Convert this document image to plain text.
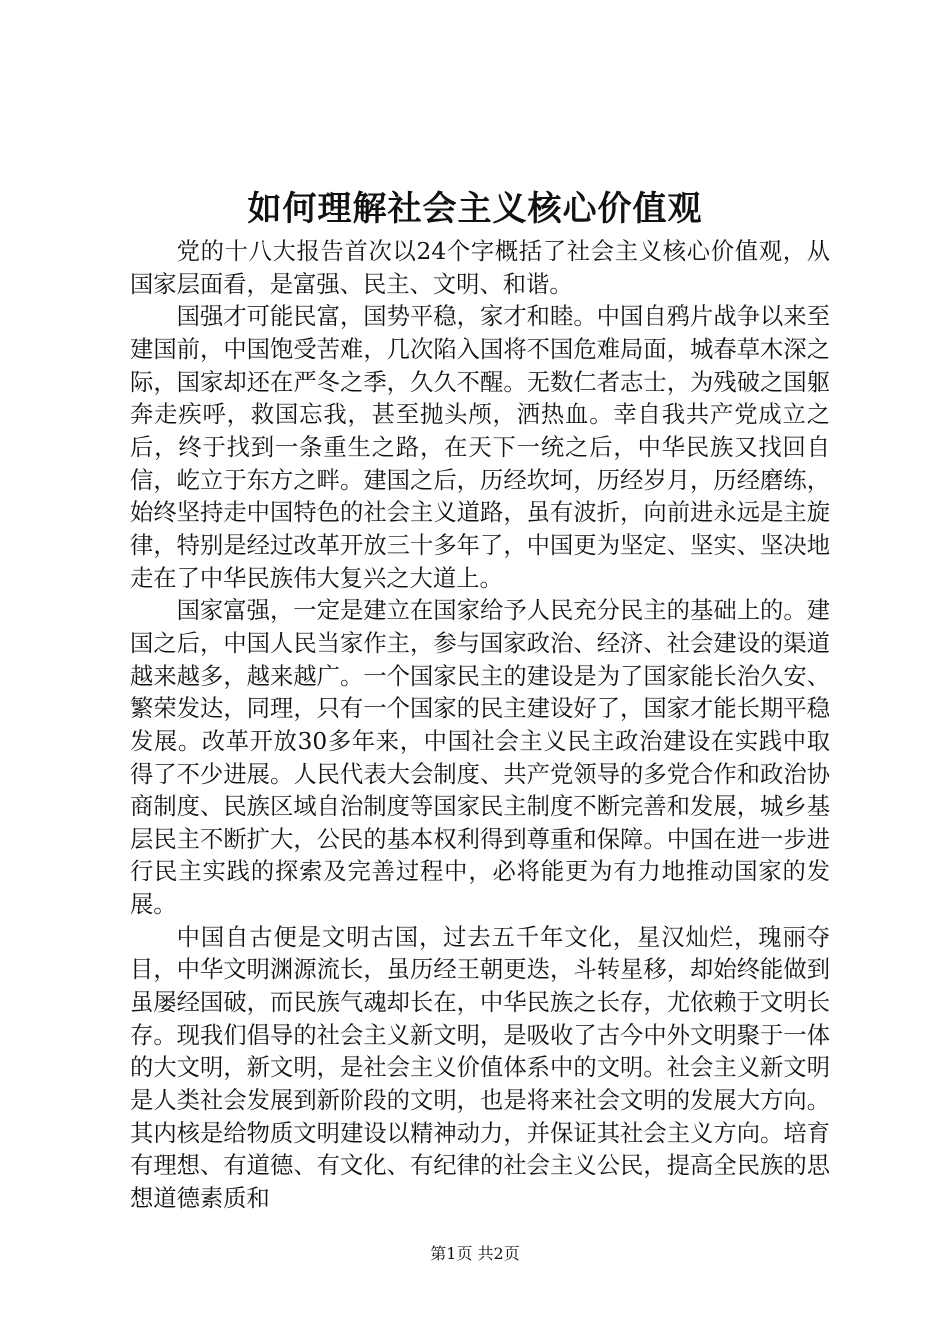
如何理解社会主义核心价值观

党的十八大报告首次以24个字概括了社会主义核心价值观，从国家层面看，是富强、民主、文明、和谐。

国强才可能民富，国势平稳，家才和睦。中国自鸦片战争以来至建国前，中国饱受苦难，几次陷入国将不国危难局面，城春草木深之际，国家却还在严冬之季，久久不醒。无数仁者志士，为残破之国躯奔走疾呼，救国忘我，甚至抛头颅，洒热血。幸自我共产党成立之后，终于找到一条重生之路，在天下一统之后，中华民族又找回自信，屹立于东方之畔。建国之后，历经坎坷，历经岁月，历经磨练，始终坚持走中国特色的社会主义道路，虽有波折，向前进永远是主旋律，特别是经过改革开放三十多年了，中国更为坚定、坚实、坚决地走在了中华民族伟大复兴之大道上。

国家富强，一定是建立在国家给予人民充分民主的基础上的。建国之后，中国人民当家作主，参与国家政治、经济、社会建设的渠道越来越多，越来越广。一个国家民主的建设是为了国家能长治久安、繁荣发达，同理，只有一个国家的民主建设好了，国家才能长期平稳发展。改革开放30多年来，中国社会主义民主政治建设在实践中取得了不少进展。人民代表大会制度、共产党领导的多党合作和政治协商制度、民族区域自治制度等国家民主制度不断完善和发展，城乡基层民主不断扩大，公民的基本权利得到尊重和保障。中国在进一步进行民主实践的探索及完善过程中，必将能更为有力地推动国家的发展。

中国自古便是文明古国，过去五千年文化，星汉灿烂，瑰丽夺目，中华文明渊源流长，虽历经王朝更迭，斗转星移，却始终能做到虽屡经国破，而民族气魂却长在，中华民族之长存，尤依赖于文明长存。现我们倡导的社会主义新文明，是吸收了古今中外文明聚于一体的大文明，新文明，是社会主义价值体系中的文明。社会主义新文明是人类社会发展到新阶段的文明，也是将来社会文明的发展大方向。其内核是给物质文明建设以精神动力，并保证其社会主义方向。培育有理想、有道德、有文化、有纪律的社会主义公民，提高全民族的思想道德素质和

第1页 共2页
